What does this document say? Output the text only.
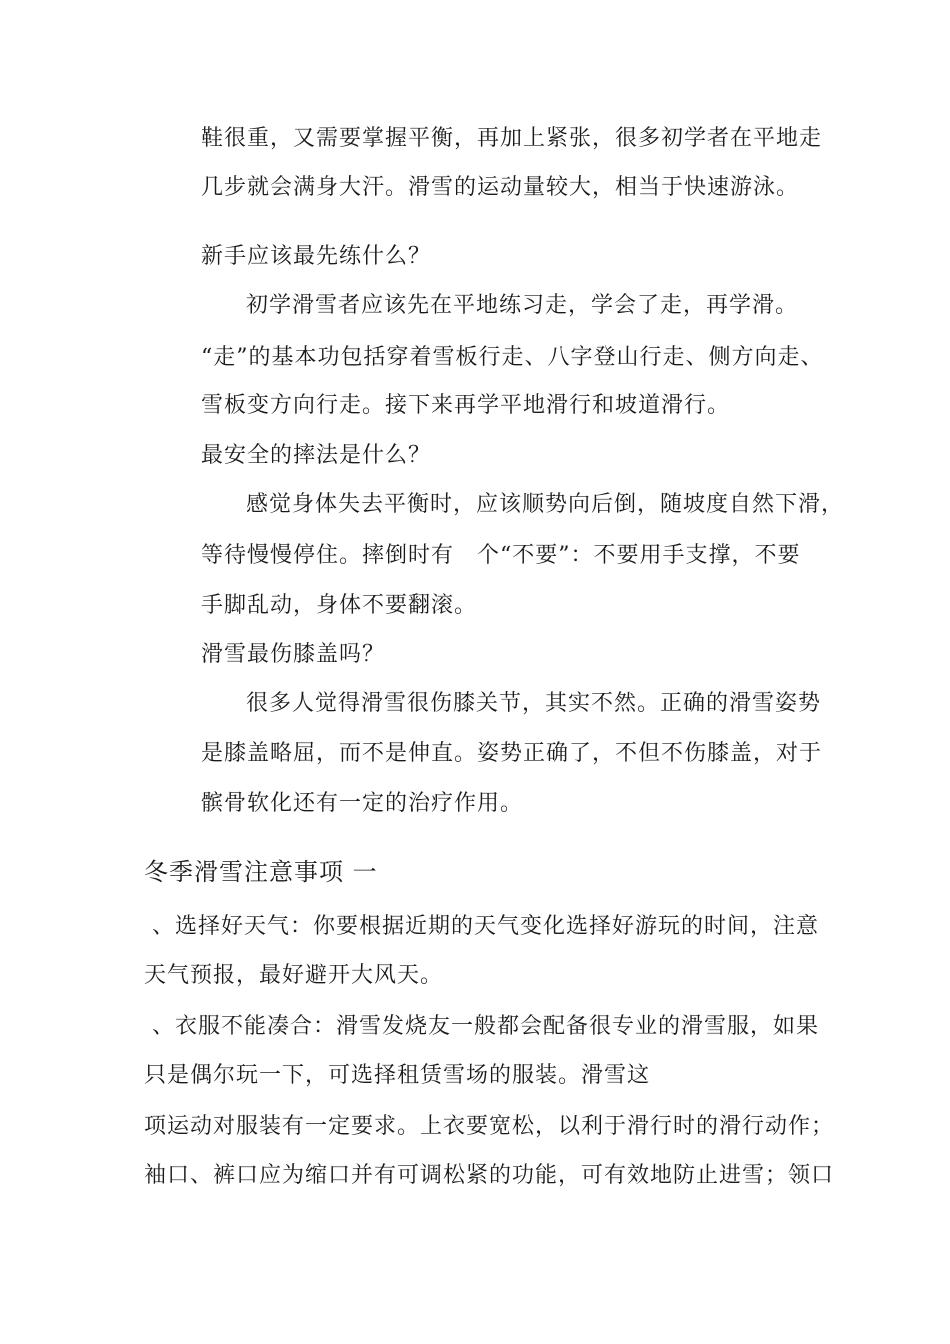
鞋很重，又需要掌握平衡，再加上紧张，很多初学者在平地走
几步就会满身大汗。滑雪的运动量较大，相当于快速游泳。
新手应该最先练什么？
初学滑雪者应该先在平地练习走，学会了走，再学滑。
“走”的基本功包括穿着雪板行走、八字登山行走、侧方向走、
雪板变方向行走。接下来再学平地滑行和坡道滑行。
最安全的摔法是什么？
感觉身体失去平衡时，应该顺势向后倒，随坡度自然下滑，
等待慢慢停住。摔倒时有　个“不要”：不要用手支撑，不要
手脚乱动，身体不要翻滚。
滑雪最伤膝盖吗？
很多人觉得滑雪很伤膝关节，其实不然。正确的滑雪姿势
是膝盖略屈，而不是伸直。姿势正确了，不但不伤膝盖，对于
髌骨软化还有一定的治疗作用。
冬季滑雪注意事项 一
、选择好天气：你要根据近期的天气变化选择好游玩的时间，注意
天气预报，最好避开大风天。
、衣服不能凑合：滑雪发烧友一般都会配备很专业的滑雪服，如果
只是偶尔玩一下，可选择租赁雪场的服装。滑雪这
项运动对服装有一定要求。上衣要宽松，以利于滑行时的滑行动作；
袖口、裤口应为缩口并有可调松紧的功能，可有效地防止进雪；领口
